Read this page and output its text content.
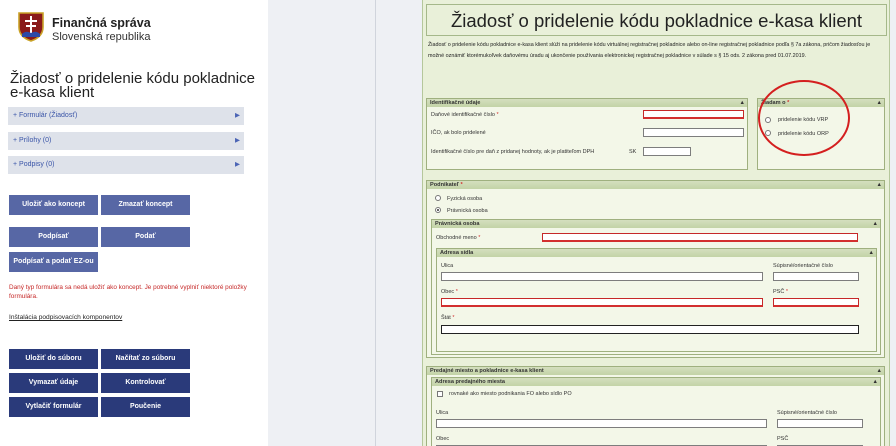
Finančná správa
Slovenská republika
Žiadosť o pridelenie kódu pokladnice e-kasa klient
+ Formulár (Žiadosť)	▶
+ Prílohy (0)	▶
+ Podpisy (0)	▶
Uložiť ako koncept	Zmazať koncept
Podpísať	Podať
Podpísať a podať EZ-ou
Daný typ formulára sa nedá uložiť ako koncept. Je potrebné vyplniť niektoré položky formulára.
Inštalácia podpisovacích komponentov
Uložiť do súboru	Načítať zo súboru
Vymazať údaje	Kontrolovať
Vytlačiť formulár	Poučenie
Žiadosť o pridelenie kódu pokladnice e-kasa klient
Žiadosť o pridelenie kódu pokladnice e-kasa klient slúži na pridelenie kódu virtuálnej registračnej pokladnice alebo on-line registračnej pokladnice podľa § 7a zákona, pričom žiadosťou je možné oznámiť ktorémukoľvek daňovému úradu aj ukončenie používania elektronickej registračnej pokladnice v súlade s § 15 ods. 2 zákona pred 01.07.2019.
Identifikačné údaje	▲
Daňové identifikačné číslo *
IČO, ak bolo pridelené
Identifikačné číslo pre daň z pridanej hodnoty, ak je platiteľom DPH	SK
Žiadam o *	▲
pridelenie kódu VRP
pridelenie kódu ORP
Podnikateľ *	▲
Fyzická osoba
Právnická osoba
Právnická osoba	▲
Obchodné meno *
Adresa sídla	▲
Ulica	Súpisné/orientačné číslo
Obec *	PSČ *
Štát *
Predajné miesto a pokladnice e-kasa klient	▲
Adresa predajného miesta	▲
rovnaké ako miesto podnikania FO alebo sídlo PO
Ulica	Súpisné/orientačné číslo
Obec	PSČ
